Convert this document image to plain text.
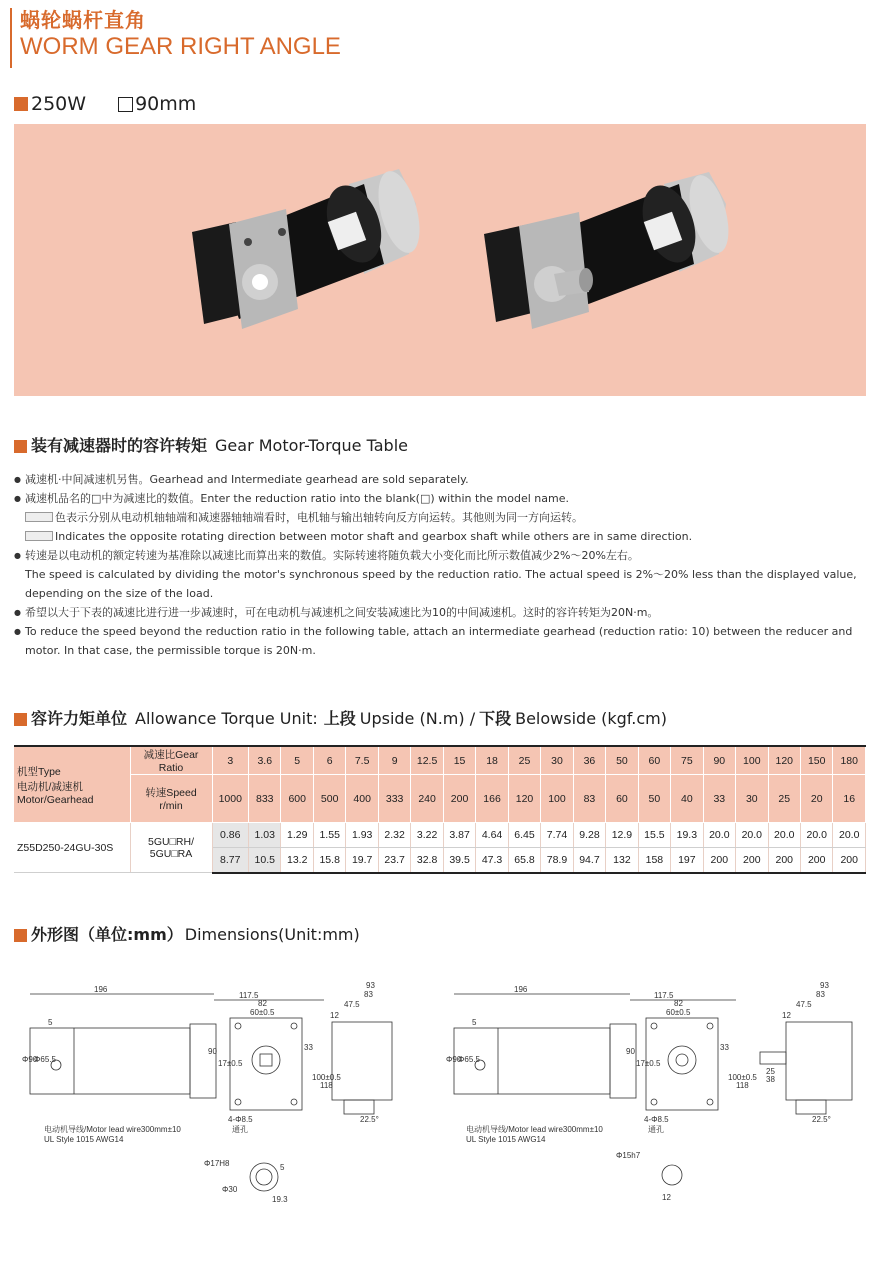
蜗轮蜗杆直角
WORM GEAR RIGHT ANGLE
250W	90mm
装有减速器时的容许转矩 Gear Motor-Torque Table
● 减速机·中间减速机另售。Gearhead and Intermediate gearhead are sold separately.
● 减速机品名的□中为减速比的数值。Enter the reduction ratio into the blank(□) within the model name.
色表示分别从电动机轴轴端和减速器轴轴端看时，电机轴与输出轴转向反方向运转。其他则为同一方向运转。
Indicates the opposite rotating direction between motor shaft and gearbox shaft while others are in same direction.
● 转速是以电动机的额定转速为基准除以减速比而算出来的数值。实际转速将随负载大小变化而比所示数值减少2%～20%左右。
The speed is calculated by dividing the motor's synchronous speed by the reduction ratio. The actual speed is 2%～20% less than the displayed value, depending on the size of the load.
● 希望以大于下表的减速比进行进一步减速时，可在电动机与减速机之间安装减速比为10的中间减速机。这时的容许转矩为20N·m。
● To reduce the speed beyond the reduction ratio in the following table, attach an intermediate gearhead (reduction ratio: 10) between the reducer and motor. In that case, the permissible torque is 20N·m.
容许力矩单位 Allowance Torque Unit: 上段 Upside (N.m) / 下段 Belowside (kgf.cm)
机型Type
电动机/减速机
Motor/Gearhead	减速比Gear Ratio	3	3.6	5	6	7.5	9	12.5	15	18	25	30	36	50	60	75	90	100	120	150	180

	转速Speed
r/min	1000	833	600	500	400	333	240	200	166	120	100	83	60	50	40	33	30	25	20	16
Z55D250-24GU-30S	5GU□RH/
5GU□RA	0.86	1.03	1.29	1.55	1.93	2.32	3.22	3.87	4.64	6.45	7.74	9.28	12.9	15.5	19.3	20.0	20.0	20.0	20.0	20.0
		8.77	10.5	13.2	15.8	19.7	23.7	32.8	39.5	47.3	65.8	78.9	94.7	132	158	197	200	200	200	200	200
外形图（单位:mm） Dimensions(Unit:mm)
196
117.5
93
83
82	47.5
60±0.5
5
Φ90
Φ65.5
90
17±0.5
33
100±0.5
118
12
22.5°
4-Φ8.5
通孔
电动机导线/Motor lead wire300mm±10
UL Style 1015 AWG14
Φ17H8
Φ30
19.3
5
196
117.5
93
83
82	47.5
60±0.5
5
Φ90
Φ65.5
90
17±0.5
33
100±0.5
118
12
25
38
22.5°
4-Φ8.5
通孔
电动机导线/Motor lead wire300mm±10
UL Style 1015 AWG14
Φ15h7
12
